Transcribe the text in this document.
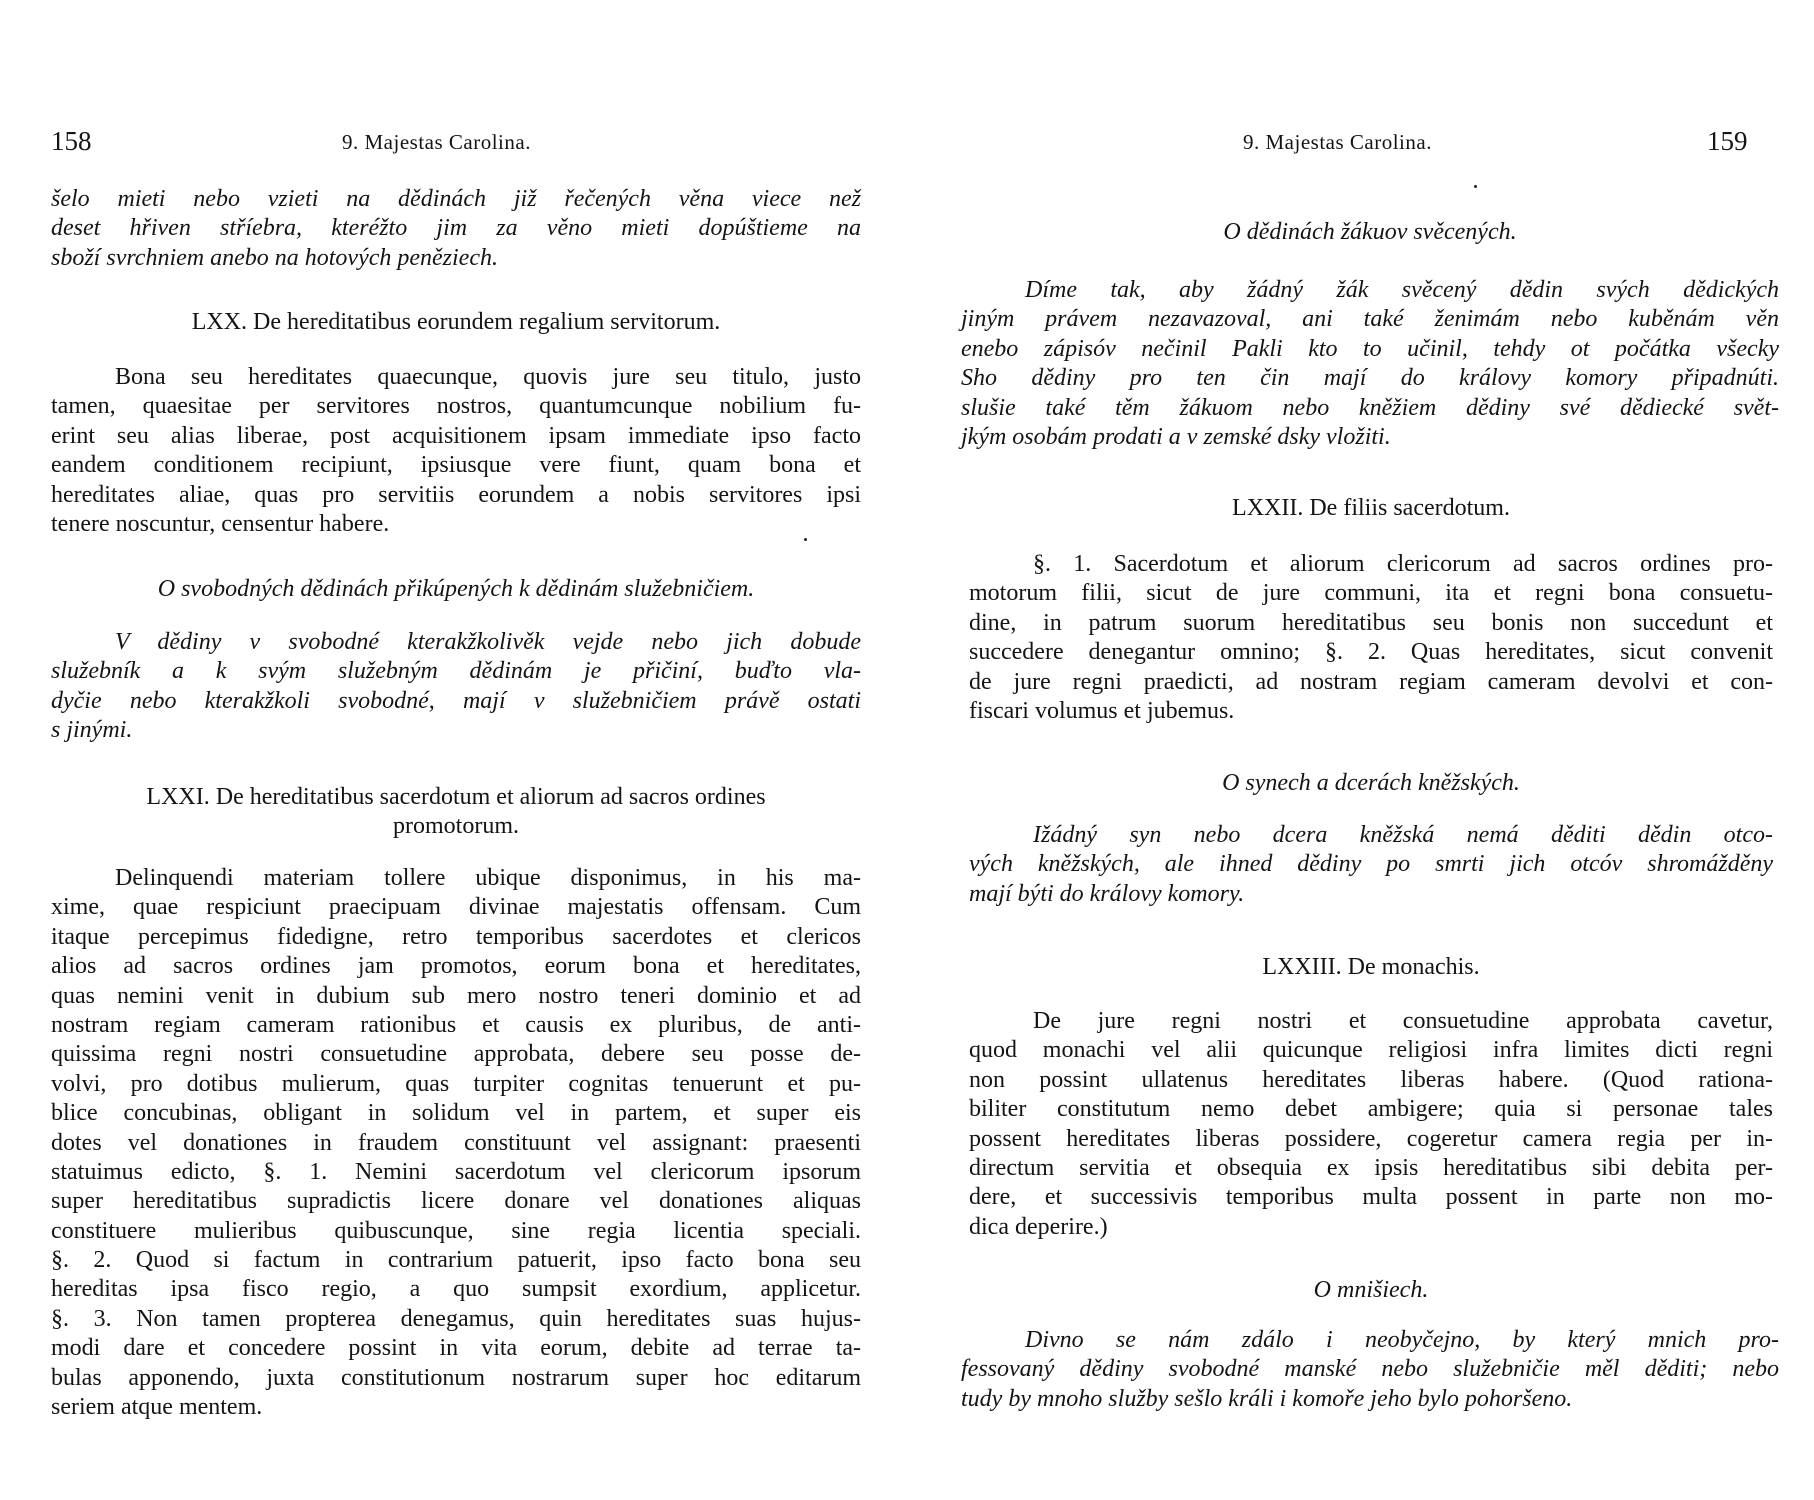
158	9. Majestas Carolina.
šelo mieti nebo vzieti na dědinách již řečených věna viece než
deset hřiven stříebra, kteréžto jim za věno mieti dopúštieme na
sboží svrchniem anebo na hotových peněziech.
LXX. De hereditatibus eorundem regalium servitorum.
Bona seu hereditates quaecunque, quovis jure seu titulo, justo
tamen, quaesitae per servitores nostros, quantumcunque nobilium fu-
erint seu alias liberae, post acquisitionem ipsam immediate ipso facto
eandem conditionem recipiunt, ipsiusque vere fiunt, quam bona et
hereditates aliae, quas pro servitiis eorundem a nobis servitores ipsi
tenere noscuntur, censentur habere.
O svobodných dědinách přikúpených k dědinám služebničiem.
V dědiny v svobodné kterakžkolivěk vejde nebo jich dobude
služebník a k svým služebným dědinám je přičiní, buďto vla-
dyčie nebo kterakžkoli svobodné, mají v služebničiem právě ostati
s jinými.
LXXI. De hereditatibus sacerdotum et aliorum ad sacros ordines
promotorum.
Delinquendi materiam tollere ubique disponimus, in his ma-
xime, quae respiciunt praecipuam divinae majestatis offensam. Cum
itaque percepimus fidedigne, retro temporibus sacerdotes et clericos
alios ad sacros ordines jam promotos, eorum bona et hereditates,
quas nemini venit in dubium sub mero nostro teneri dominio et ad
nostram regiam cameram rationibus et causis ex pluribus, de anti-
quissima regni nostri consuetudine approbata, debere seu posse de-
volvi, pro dotibus mulierum, quas turpiter cognitas tenuerunt et pu-
blice concubinas, obligant in solidum vel in partem, et super eis
dotes vel donationes in fraudem constituunt vel assignant: praesenti
statuimus edicto, §. 1. Nemini sacerdotum vel clericorum ipsorum
super hereditatibus supradictis licere donare vel donationes aliquas
constituere mulieribus quibuscunque, sine regia licentia speciali.
§. 2. Quod si factum in contrarium patuerit, ipso facto bona seu
hereditas ipsa fisco regio, a quo sumpsit exordium, applicetur.
§. 3. Non tamen propterea denegamus, quin hereditates suas hujus-
modi dare et concedere possint in vita eorum, debite ad terrae ta-
bulas apponendo, juxta constitutionum nostrarum super hoc editarum
seriem atque mentem.
9. Majestas Carolina.	159
O dědinách žákuov svěcených.
Díme tak, aby žádný žák svěcený dědin svých dědických
jiným právem nezavazoval, ani také ženimám nebo kuběnám věn
enebo zápisóv nečinil Pakli kto to učinil, tehdy ot počátka všecky
Sho dědiny pro ten čin mají do královy komory připadnúti.
slušie také těm žákuom nebo kněžiem dědiny své dědiecké svět-
jkým osobám prodati a v zemské dsky vložiti.
LXXII. De filiis sacerdotum.
§. 1. Sacerdotum et aliorum clericorum ad sacros ordines pro-
motorum filii, sicut de jure communi, ita et regni bona consuetu-
dine, in patrum suorum hereditatibus seu bonis non succedunt et
succedere denegantur omnino; §. 2. Quas hereditates, sicut convenit
de jure regni praedicti, ad nostram regiam cameram devolvi et con-
fiscari volumus et jubemus.
O synech a dcerách kněžských.
Ižádný syn nebo dcera kněžská nemá děditi dědin otco-
vých kněžských, ale ihned dědiny po smrti jich otcóv shromážděny
mají býti do královy komory.
LXXIII. De monachis.
De jure regni nostri et consuetudine approbata cavetur,
quod monachi vel alii quicunque religiosi infra limites dicti regni
non possint ullatenus hereditates liberas habere. (Quod rationa-
biliter constitutum nemo debet ambigere; quia si personae tales
possent hereditates liberas possidere, cogeretur camera regia per in-
directum servitia et obsequia ex ipsis hereditatibus sibi debita per-
dere, et successivis temporibus multa possent in parte non mo-
dica deperire.)
O mnišiech.
Divno se nám zdálo i neobyčejno, by který mnich pro-
fessovaný dědiny svobodné manské nebo služebničie měl děditi; nebo
tudy by mnoho služby sešlo králi i komoře jeho bylo pohoršeno.
